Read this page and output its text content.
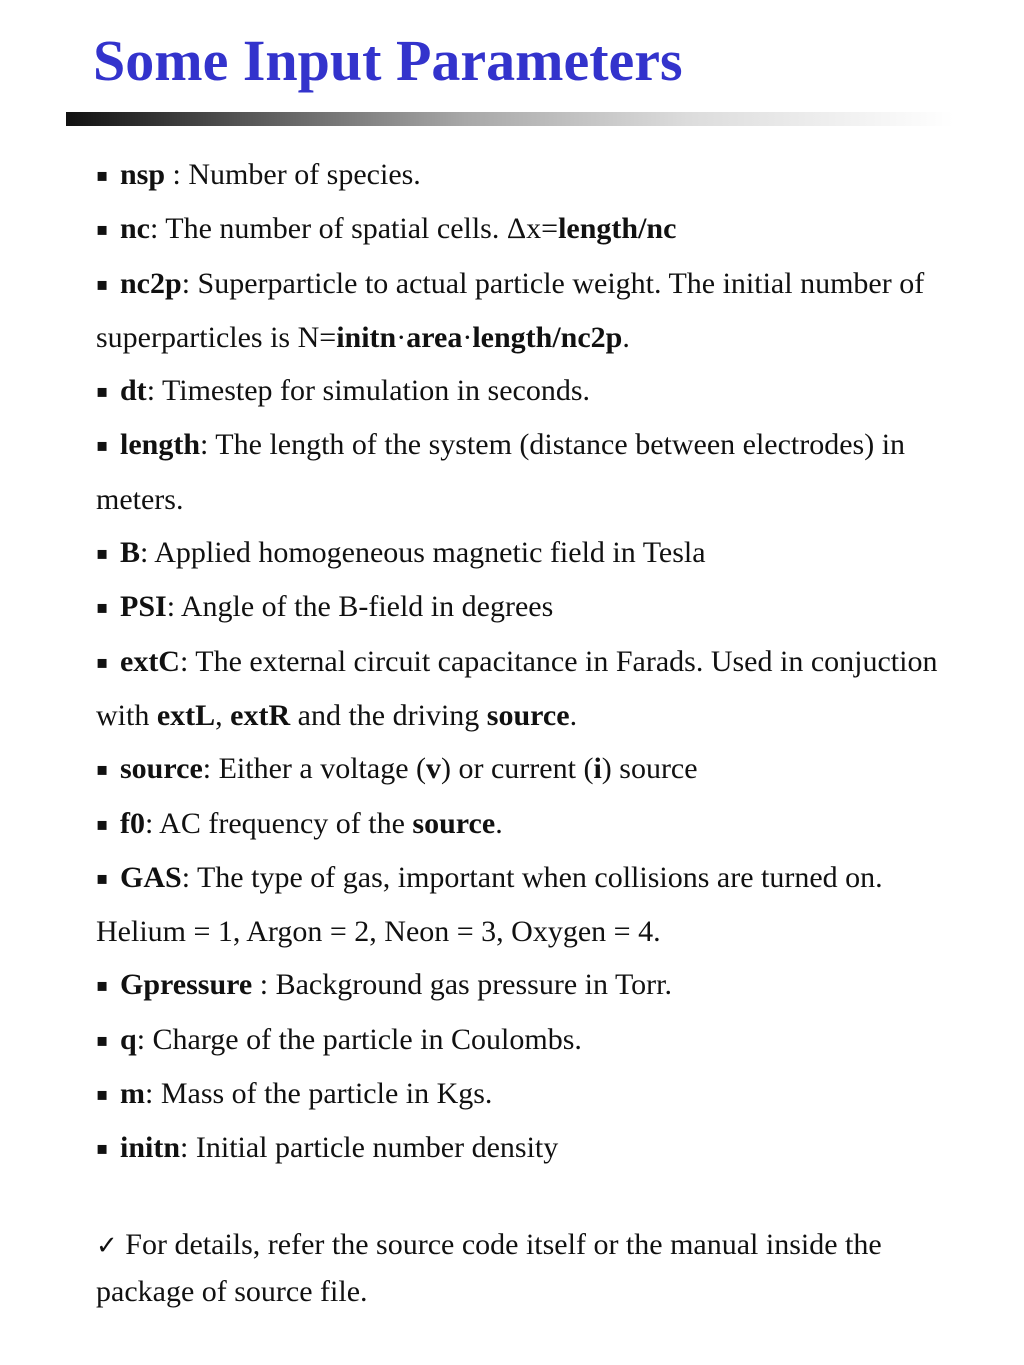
Some Input Parameters

▪ nsp : Number of species.

▪ nc: The number of spatial cells. Δx=length/nc

▪ nc2p: Superparticle to actual particle weight. The initial number of superparticles is N=initn·area·length/nc2p.

▪ dt: Timestep for simulation in seconds.

▪ length: The length of the system (distance between electrodes) in meters.

▪ B: Applied homogeneous magnetic field in Tesla

▪ PSI: Angle of the B-field in degrees

▪ extC: The external circuit capacitance in Farads. Used in conjuction with extL, extR and the driving source.

▪ source: Either a voltage (v) or current (i) source

▪ f0: AC frequency of the source.

▪ GAS: The type of gas, important when collisions are turned on. Helium = 1, Argon = 2, Neon = 3, Oxygen = 4.

▪ Gpressure : Background gas pressure in Torr.

▪ q: Charge of the particle in Coulombs.

▪ m: Mass of the particle in Kgs.

▪ initn: Initial particle number density

✓ For details, refer the source code itself or the manual inside the package of source file.
